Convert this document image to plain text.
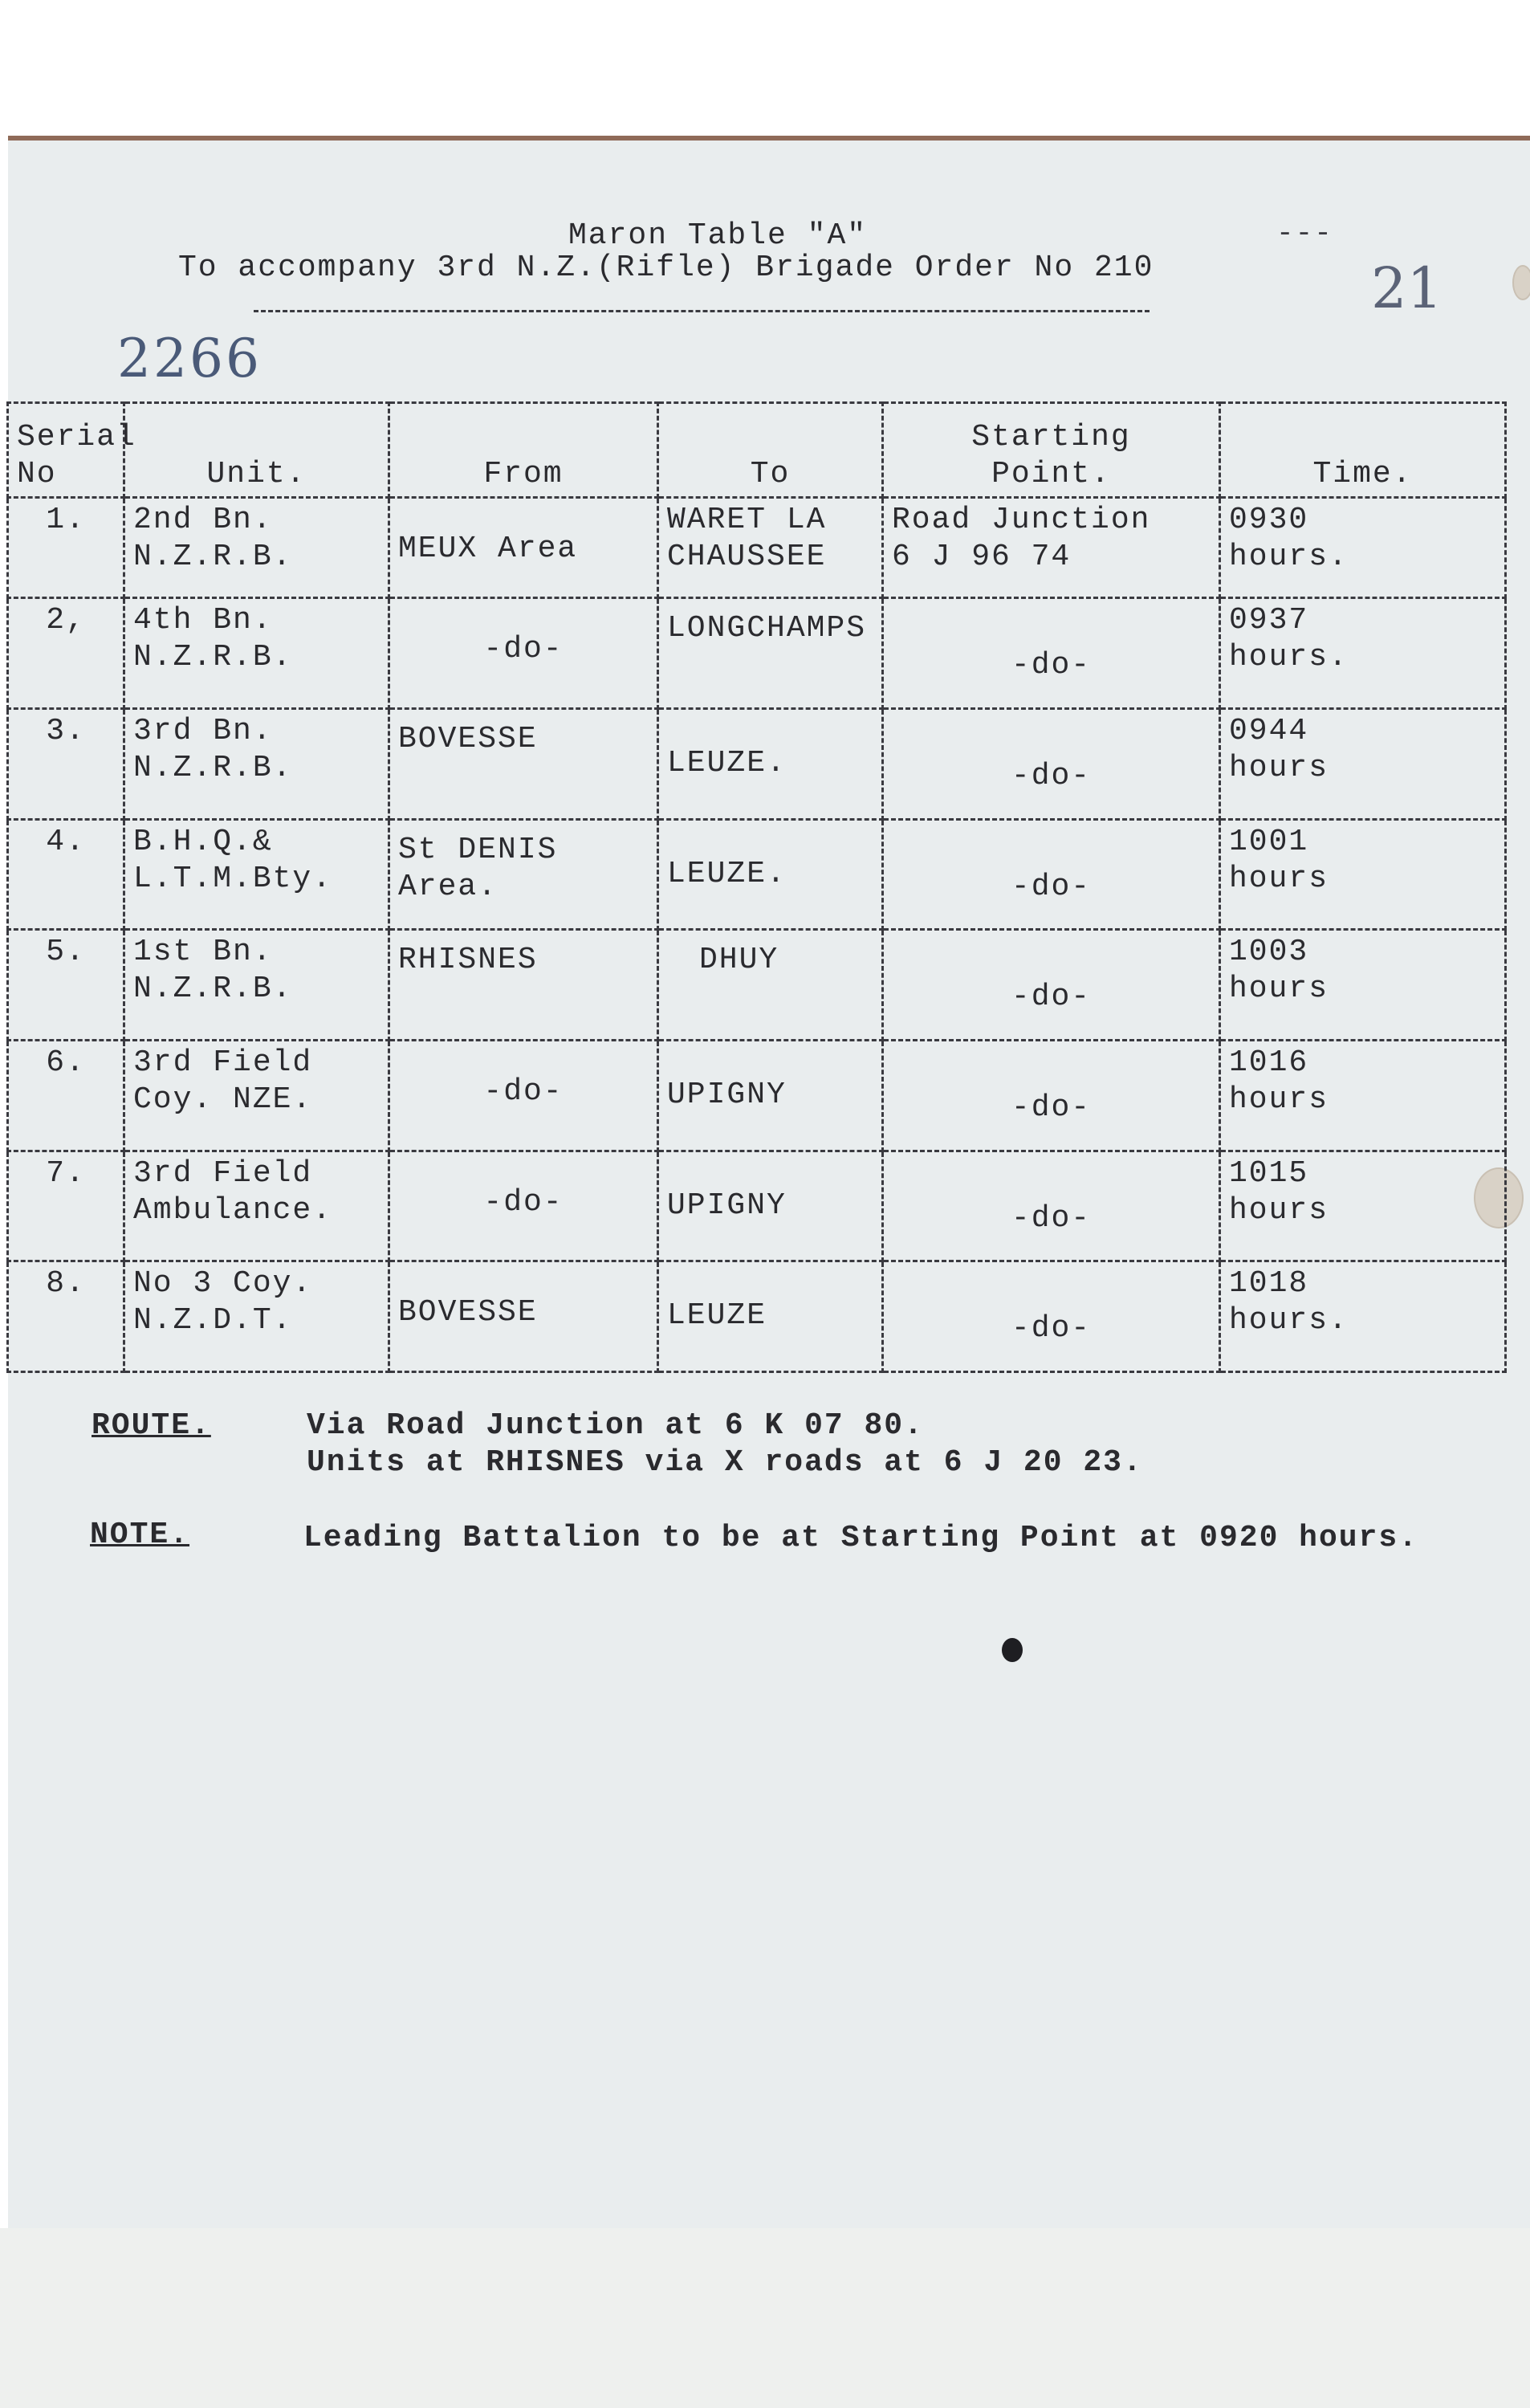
Maron Table "A"
To accompany 3rd N.Z.(Rifle) Brigade Order No 210
---
21
2266
Serial
No	Unit.	From	To	Starting
Point.	Time.
1.	2nd Bn.
N.Z.R.B.	MEUX Area	WARET LA
CHAUSSEE	Road Junction
6 J 96 74	0930
hours.
2,	4th Bn.
N.Z.R.B.	-do-	LONGCHAMPS	-do-	0937
hours.
3.	3rd Bn.
N.Z.R.B.	BOVESSE	LEUZE.	-do-	0944
hours
4.	B.H.Q.&
L.T.M.Bty.	St DENIS
Area.	LEUZE.	-do-	1001
hours
5.	1st Bn.
N.Z.R.B.	RHISNES	DHUY	-do-	1003
hours
6.	3rd Field
Coy. NZE.	-do-	UPIGNY	-do-	1016
hours
7.	3rd Field
Ambulance.	-do-	UPIGNY	-do-	1015
hours
8.	No 3 Coy.
N.Z.D.T.	BOVESSE	LEUZE	-do-	1018
hours.
ROUTE.	Via Road Junction at 6 K 07 80.
Units at RHISNES via X roads at 6 J 20 23.
NOTE.	Leading Battalion to be at Starting Point at 0920 hours.
